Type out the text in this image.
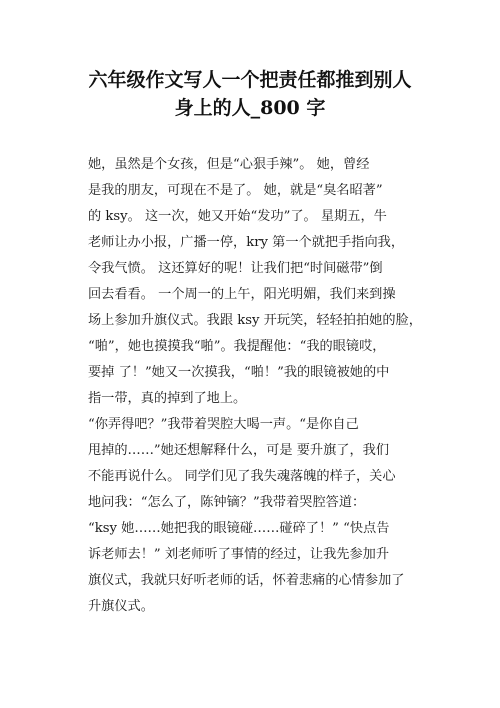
六年级作文写人一个把责任都推到别人
身上的人_800 字
她，虽然是个女孩，但是“心狠手辣”。 她，曾经
是我的朋友，可现在不是了。 她，就是“臭名昭著”
的 ksy。 这一次，她又开始“发功”了。 星期五，牛
老师让办小报，广播一停，kry 第一个就把手指向我，
令我气愤。 这还算好的呢！让我们把“时间磁带”倒
回去看看。 一个周一的上午，阳光明媚，我们来到操
场上参加升旗仪式。我跟 ksy 开玩笑，轻轻拍拍她的脸，
“啪”，她也摸摸我“啪”。我提醒他：“我的眼镜哎，
要掉 了！”她又一次摸我，“啪！”我的眼镜被她的中
指一带，真的掉到了地上。
“你弄得吧？”我带着哭腔大喝一声。“是你自己
甩掉的……”她还想解释什么，可是 要升旗了，我们
不能再说什么。 同学们见了我失魂落魄的样子，关心
地问我：“怎么了，陈钟镝？”我带着哭腔答道：
“ksy 她……她把我的眼镜碰……碰碎了！” “快点告
诉老师去！” 刘老师听了事情的经过，让我先参加升
旗仪式，我就只好听老师的话，怀着悲痛的心情参加了
升旗仪式。
